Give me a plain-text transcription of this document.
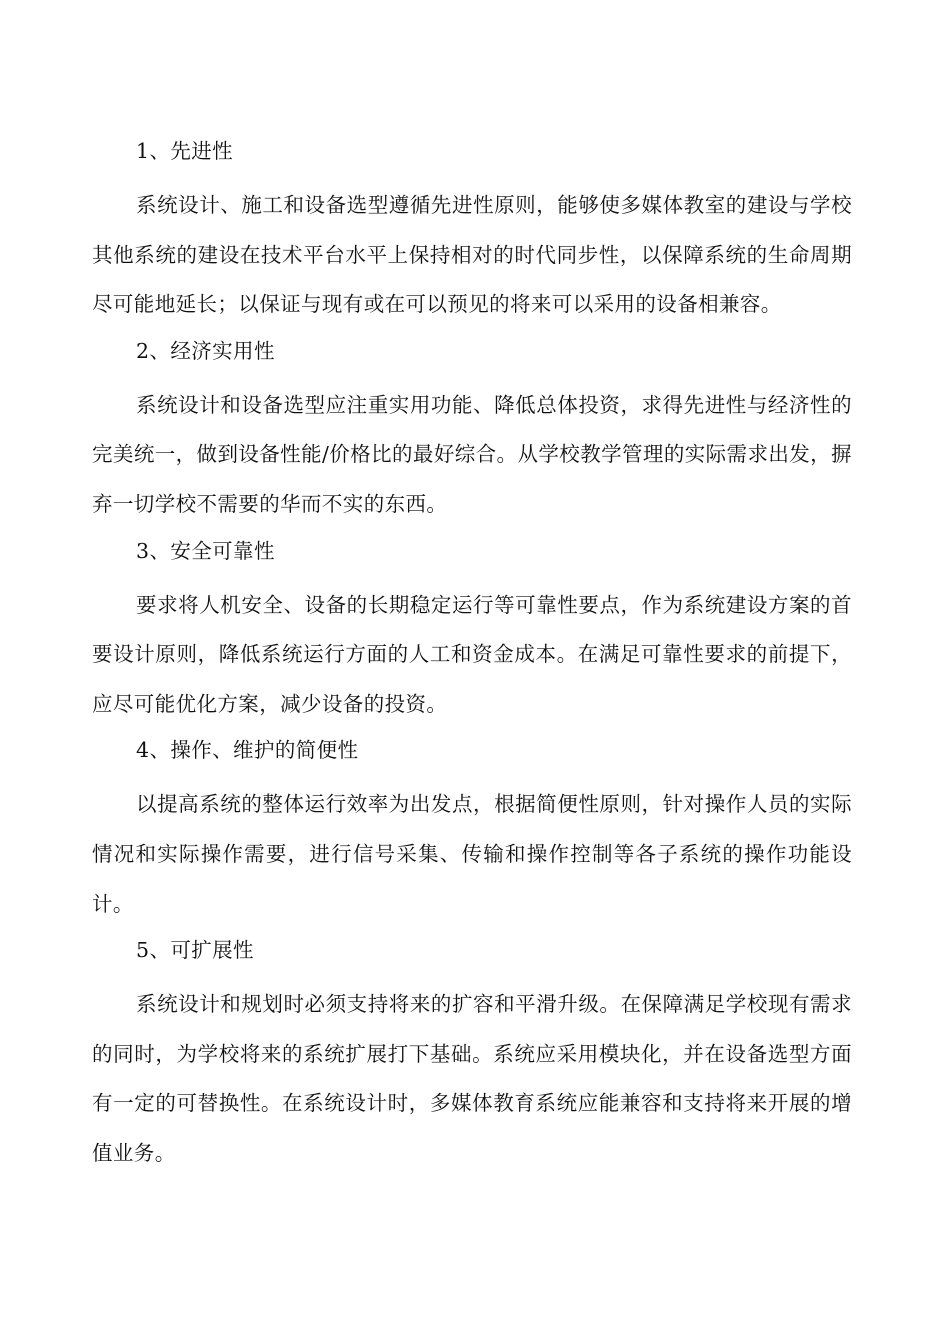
1、先进性

系统设计、施工和设备选型遵循先进性原则，能够使多媒体教室的建设与学校其他系统的建设在技术平台水平上保持相对的时代同步性，以保障系统的生命周期尽可能地延长；以保证与现有或在可以预见的将来可以采用的设备相兼容。

2、经济实用性

系统设计和设备选型应注重实用功能、降低总体投资，求得先进性与经济性的完美统一，做到设备性能/价格比的最好综合。从学校教学管理的实际需求出发，摒弃一切学校不需要的华而不实的东西。

3、安全可靠性

要求将人机安全、设备的长期稳定运行等可靠性要点，作为系统建设方案的首要设计原则，降低系统运行方面的人工和资金成本。在满足可靠性要求的前提下，应尽可能优化方案，减少设备的投资。

4、操作、维护的简便性

以提高系统的整体运行效率为出发点，根据简便性原则，针对操作人员的实际情况和实际操作需要，进行信号采集、传输和操作控制等各子系统的操作功能设计。

5、可扩展性

系统设计和规划时必须支持将来的扩容和平滑升级。在保障满足学校现有需求的同时，为学校将来的系统扩展打下基础。系统应采用模块化，并在设备选型方面有一定的可替换性。在系统设计时，多媒体教育系统应能兼容和支持将来开展的增值业务。
